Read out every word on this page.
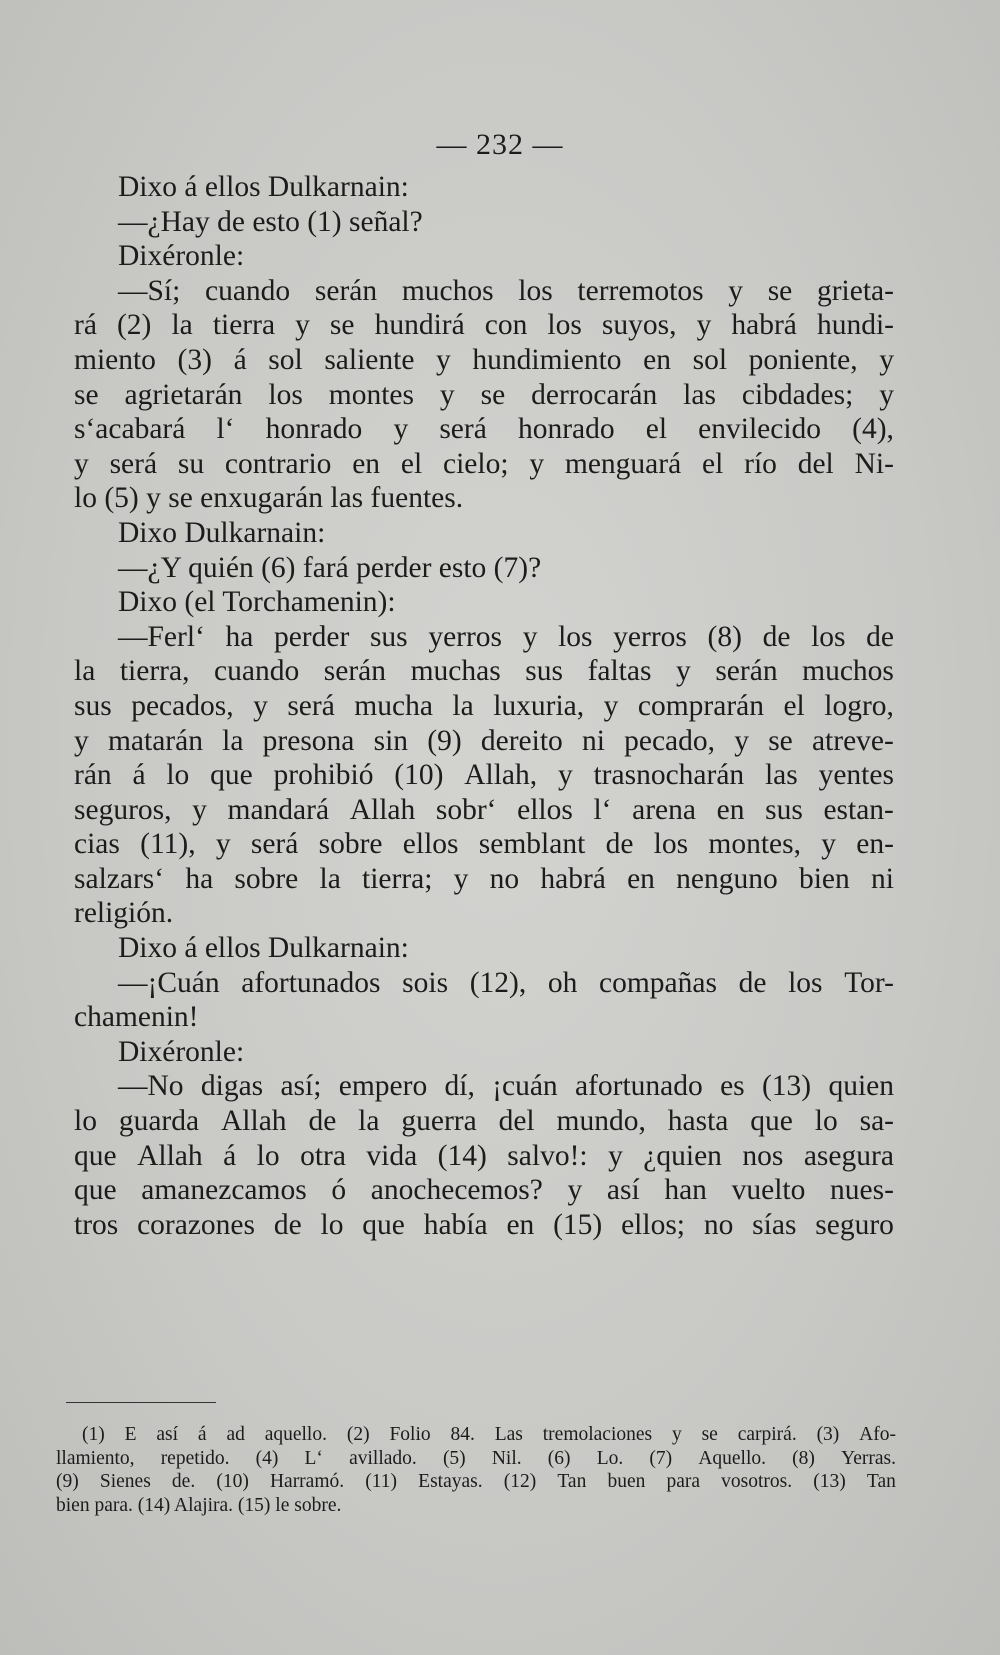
— 232 —
Dixo á ellos Dulkarnain:
—¿Hay de esto (1) señal?
Dixéronle:
—Sí; cuando serán muchos los terremotos y se grieta-
rá (2) la tierra y se hundirá con los suyos, y habrá hundi-
miento (3) á sol saliente y hundimiento en sol poniente, y
se agrietarán los montes y se derrocarán las cibdades; y
s‘acabará l‘ honrado y será honrado el envilecido (4),
y será su contrario en el cielo; y menguará el río del Ni-
lo (5) y se enxugarán las fuentes.
Dixo Dulkarnain:
—¿Y quién (6) fará perder esto (7)?
Dixo (el Torchamenin):
—Ferl‘ ha perder sus yerros y los yerros (8) de los de
la tierra, cuando serán muchas sus faltas y serán muchos
sus pecados, y será mucha la luxuria, y comprarán el logro,
y matarán la presona sin (9) dereito ni pecado, y se atreve-
rán á lo que prohibió (10) Allah, y trasnocharán las yentes
seguros, y mandará Allah sobr‘ ellos l‘ arena en sus estan-
cias (11), y será sobre ellos semblant de los montes, y en-
salzars‘ ha sobre la tierra; y no habrá en nenguno bien ni
religión.
Dixo á ellos Dulkarnain:
—¡Cuán afortunados sois (12), oh compañas de los Tor-
chamenin!
Dixéronle:
—No digas así; empero dí, ¡cuán afortunado es (13) quien
lo guarda Allah de la guerra del mundo, hasta que lo sa-
que Allah á lo otra vida (14) salvo!: y ¿quien nos asegura
que amanezcamos ó anochecemos? y así han vuelto nues-
tros corazones de lo que había en (15) ellos; no sías seguro
(1) E así á ad aquello. (2) Folio 84. Las tremolaciones y se carpirá. (3) Afo-
llamiento, repetido. (4) L‘ avillado. (5) Nil. (6) Lo. (7) Aquello. (8) Yerras.
(9) Sienes de. (10) Harramó. (11) Estayas. (12) Tan buen para vosotros. (13) Tan
bien para. (14) Alajira. (15) le sobre.
